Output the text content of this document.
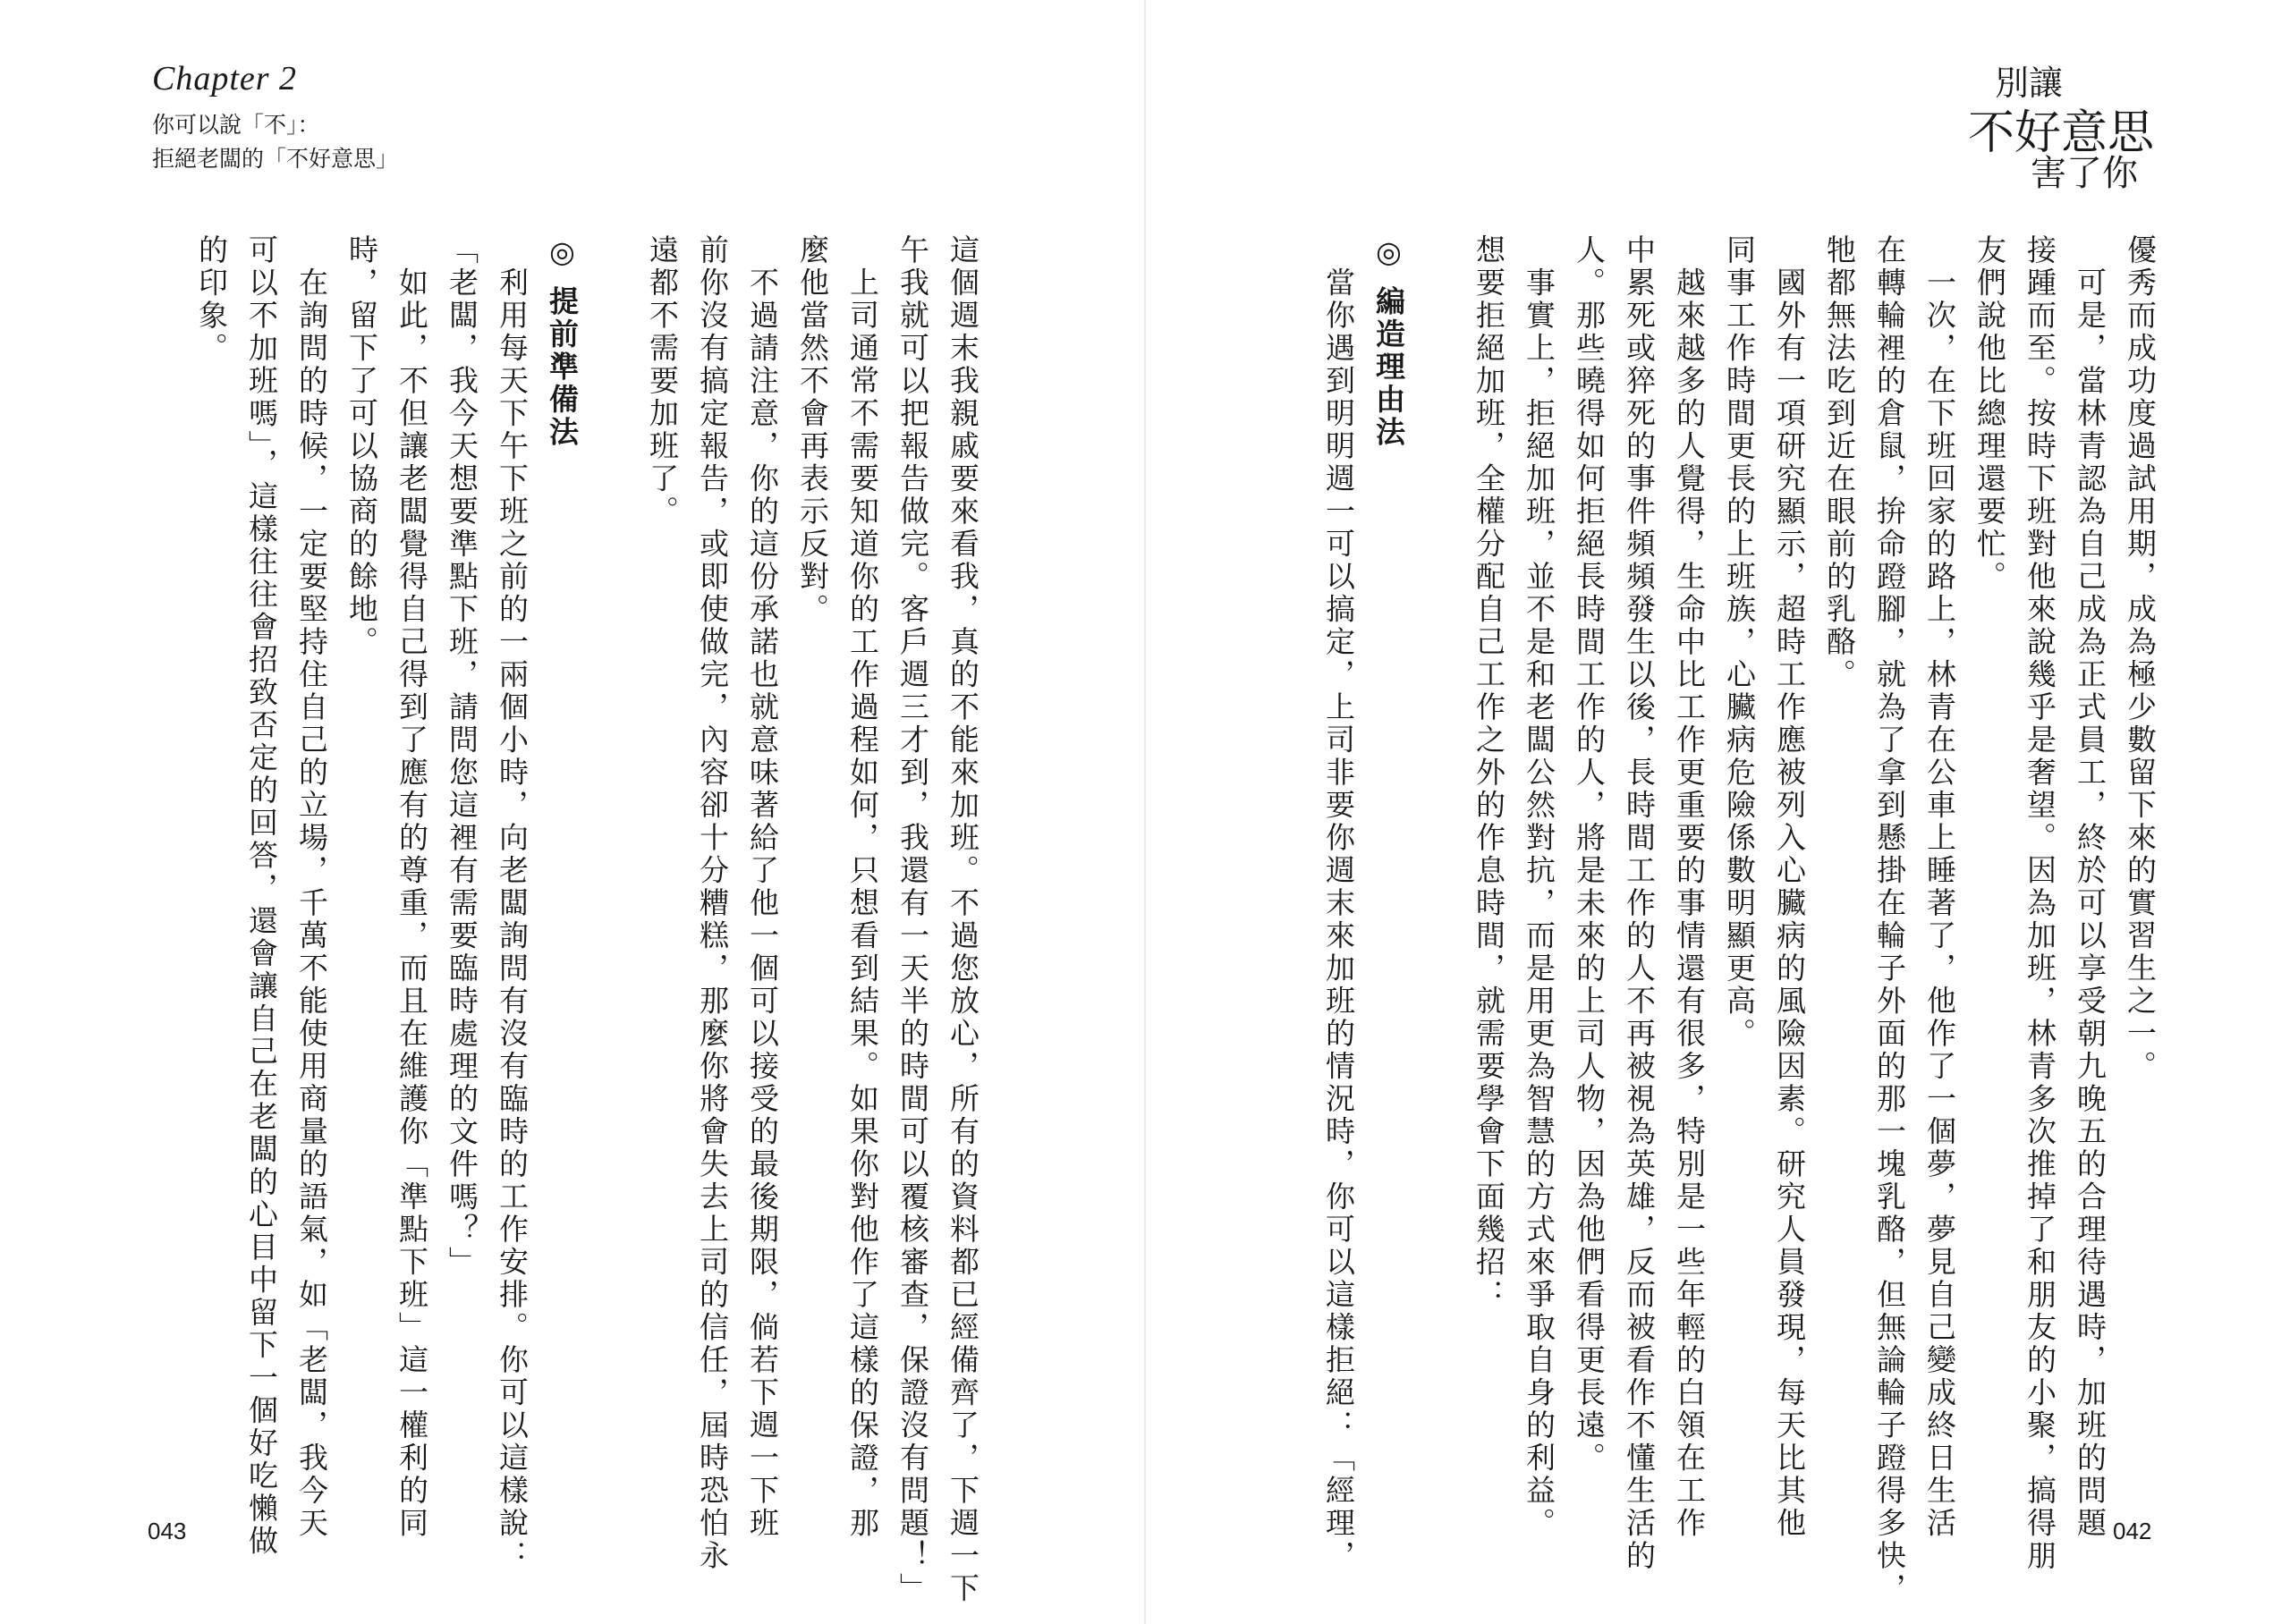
Chapter 2
你可以說「不」：
拒絕老闆的「不好意思」
別讓
不好意思
害了你
優秀而成功度過試用期，成為極少數留下來的實習生之一。
　可是，當林青認為自己成為正式員工，終於可以享受朝九晚五的合理待遇時，加班的問題
接踵而至。按時下班對他來說幾乎是奢望。因為加班，林青多次推掉了和朋友的小聚，搞得朋
友們說他比總理還要忙。
　一次，在下班回家的路上，林青在公車上睡著了，他作了一個夢，夢見自己變成終日生活
在轉輪裡的倉鼠，拚命蹬腳，就為了拿到懸掛在輪子外面的那一塊乳酪，但無論輪子蹬得多快，
牠都無法吃到近在眼前的乳酪。
　國外有一項研究顯示，超時工作應被列入心臟病的風險因素。研究人員發現，每天比其他
同事工作時間更長的上班族，心臟病危險係數明顯更高。
　越來越多的人覺得，生命中比工作更重要的事情還有很多，特別是一些年輕的白領在工作
中累死或猝死的事件頻頻發生以後，長時間工作的人不再被視為英雄，反而被看作不懂生活的
人。那些曉得如何拒絕長時間工作的人，將是未來的上司人物，因為他們看得更長遠。
　事實上，拒絕加班，並不是和老闆公然對抗，而是用更為智慧的方式來爭取自身的利益。
想要拒絕加班，全權分配自己工作之外的作息時間，就需要學會下面幾招：
◎ 編造理由法
　當你遇到明明週一可以搞定，上司非要你週末來加班的情況時，你可以這樣拒絕：「經理，
這個週末我親戚要來看我，真的不能來加班。不過您放心，所有的資料都已經備齊了，下週一下
午我就可以把報告做完。客戶週三才到，我還有一天半的時間可以覆核審查，保證沒有問題！」
　上司通常不需要知道你的工作過程如何，只想看到結果。如果你對他作了這樣的保證，那
麼他當然不會再表示反對。
　不過請注意，你的這份承諾也就意味著給了他一個可以接受的最後期限，倘若下週一下班
前你沒有搞定報告，或即使做完，內容卻十分糟糕，那麼你將會失去上司的信任，屆時恐怕永
遠都不需要加班了。
◎ 提前準備法
　利用每天下午下班之前的一兩個小時，向老闆詢問有沒有臨時的工作安排。你可以這樣說：
「老闆，我今天想要準點下班，請問您這裡有需要臨時處理的文件嗎？」
　如此，不但讓老闆覺得自己得到了應有的尊重，而且在維護你「準點下班」這一權利的同
時，留下了可以協商的餘地。
　在詢問的時候，一定要堅持住自己的立場，千萬不能使用商量的語氣，如「老闆，我今天
可以不加班嗎」，這樣往往會招致否定的回答，還會讓自己在老闆的心目中留下一個好吃懶做
的印象。
043	042
